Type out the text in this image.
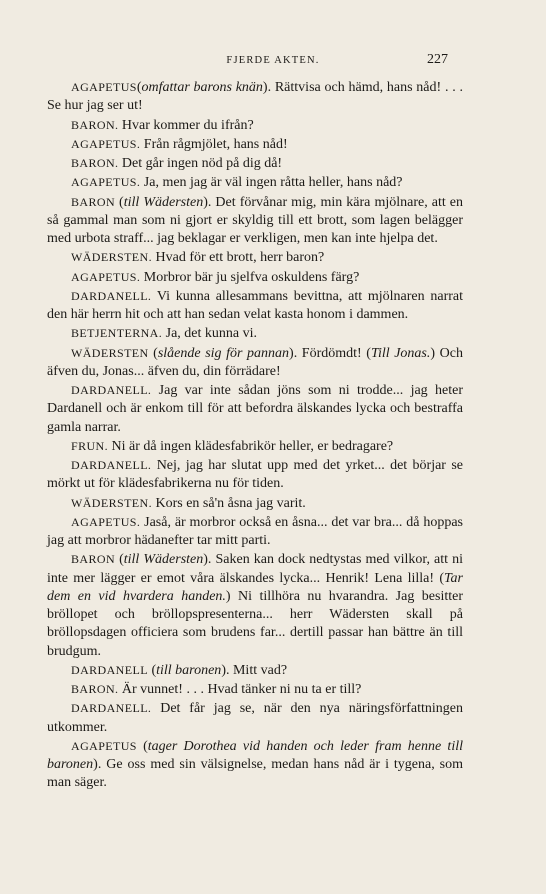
FJERDE AKTEN.	227

AGAPETUS(omfattar barons knän). Rättvisa och hämd, hans nåd! . . . Se hur jag ser ut!

BARON. Hvar kommer du ifrån?

AGAPETUS. Från rågmjölet, hans nåd!

BARON. Det går ingen nöd på dig då!

AGAPETUS. Ja, men jag är väl ingen råtta heller, hans nåd?

BARON (till Wädersten). Det förvånar mig, min kära mjölnare, att en så gammal man som ni gjort er skyldig till ett brott, som lagen belägger med urbota straff... jag beklagar er verkligen, men kan inte hjelpa det.

WÄDERSTEN. Hvad för ett brott, herr baron?

AGAPETUS. Morbror bär ju sjelfva oskuldens färg?

DARDANELL. Vi kunna allesammans bevittna, att mjölnaren narrat den här herrn hit och att han sedan velat kasta honom i dammen.

BETJENTERNA. Ja, det kunna vi.

WÄDERSTEN (slående sig för pannan). Fördömdt! (Till Jonas.) Och äfven du, Jonas... äfven du, din förrädare!

DARDANELL. Jag var inte sådan jöns som ni trodde... jag heter Dardanell och är enkom till för att befordra älskandes lycka och bestraffa gamla narrar.

FRUN. Ni är då ingen klädesfabrikör heller, er bedragare?

DARDANELL. Nej, jag har slutat upp med det yrket... det börjar se mörkt ut för klädesfabrikerna nu för tiden.

WÄDERSTEN. Kors en så'n åsna jag varit.

AGAPETUS. Jaså, är morbror också en åsna... det var bra... då hoppas jag att morbror hädanefter tar mitt parti.

BARON (till Wädersten). Saken kan dock nedtystas med vilkor, att ni inte mer lägger er emot våra älskandes lycka... Henrik! Lena lilla! (Tar dem en vid hvardera handen.) Ni tillhöra nu hvarandra. Jag besitter bröllopet och bröllopspresenterna... herr Wädersten skall på bröllopsdagen officiera som brudens far... dertill passar han bättre än till brudgum.

DARDANELL (till baronen). Mitt vad?

BARON. Är vunnet! . . . Hvad tänker ni nu ta er till?

DARDANELL. Det får jag se, när den nya näringsförfattningen utkommer.

AGAPETUS (tager Dorothea vid handen och leder fram henne till baronen). Ge oss med sin välsignelse, medan hans nåd är i tygena, som man säger.
